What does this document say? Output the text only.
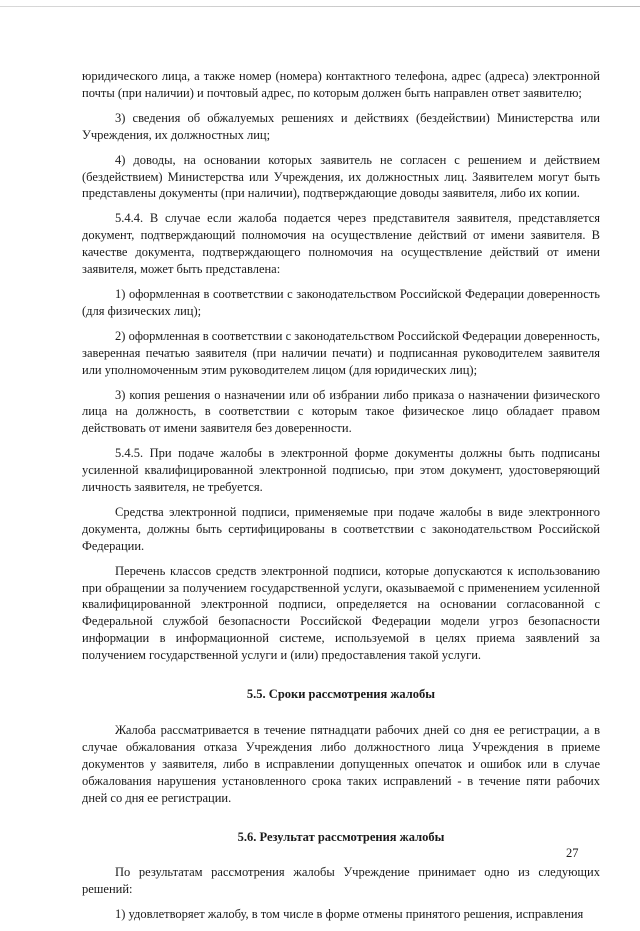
юридического лица, а также номер (номера) контактного телефона, адрес (адреса) электронной почты (при наличии) и почтовый адрес, по которым должен быть направлен ответ заявителю;

3) сведения об обжалуемых решениях и действиях (бездействии) Министерства или Учреждения, их должностных лиц;

4) доводы, на основании которых заявитель не согласен с решением и действием (бездействием) Министерства или Учреждения, их должностных лиц. Заявителем могут быть представлены документы (при наличии), подтверждающие доводы заявителя, либо их копии.

5.4.4. В случае если жалоба подается через представителя заявителя, представляется документ, подтверждающий полномочия на осуществление действий от имени заявителя. В качестве документа, подтверждающего полномочия на осуществление действий от имени заявителя, может быть представлена:

1) оформленная в соответствии с законодательством Российской Федерации доверенность (для физических лиц);

2) оформленная в соответствии с законодательством Российской Федерации доверенность, заверенная печатью заявителя (при наличии печати) и подписанная руководителем заявителя или уполномоченным этим руководителем лицом (для юридических лиц);

3) копия решения о назначении или об избрании либо приказа о назначении физического лица на должность, в соответствии с которым такое физическое лицо обладает правом действовать от имени заявителя без доверенности.

5.4.5. При подаче жалобы в электронной форме документы должны быть подписаны усиленной квалифицированной электронной подписью, при этом документ, удостоверяющий личность заявителя, не требуется.

Средства электронной подписи, применяемые при подаче жалобы в виде электронного документа, должны быть сертифицированы в соответствии с законодательством Российской Федерации.

Перечень классов средств электронной подписи, которые допускаются к использованию при обращении за получением государственной услуги, оказываемой с применением усиленной квалифицированной электронной подписи, определяется на основании согласованной с Федеральной службой безопасности Российской Федерации модели угроз безопасности информации в информационной системе, используемой в целях приема заявлений за получением государственной услуги и (или) предоставления такой услуги.

5.5. Сроки рассмотрения жалобы

Жалоба рассматривается в течение пятнадцати рабочих дней со дня ее регистрации, а в случае обжалования отказа Учреждения либо должностного лица Учреждения в приеме документов у заявителя, либо в исправлении допущенных опечаток и ошибок или в случае обжалования нарушения установленного срока таких исправлений - в течение пяти рабочих дней со дня ее регистрации.

5.6. Результат рассмотрения жалобы

По результатам рассмотрения жалобы Учреждение принимает одно из следующих решений:

1) удовлетворяет жалобу, в том числе в форме отмены принятого решения, исправления

27
